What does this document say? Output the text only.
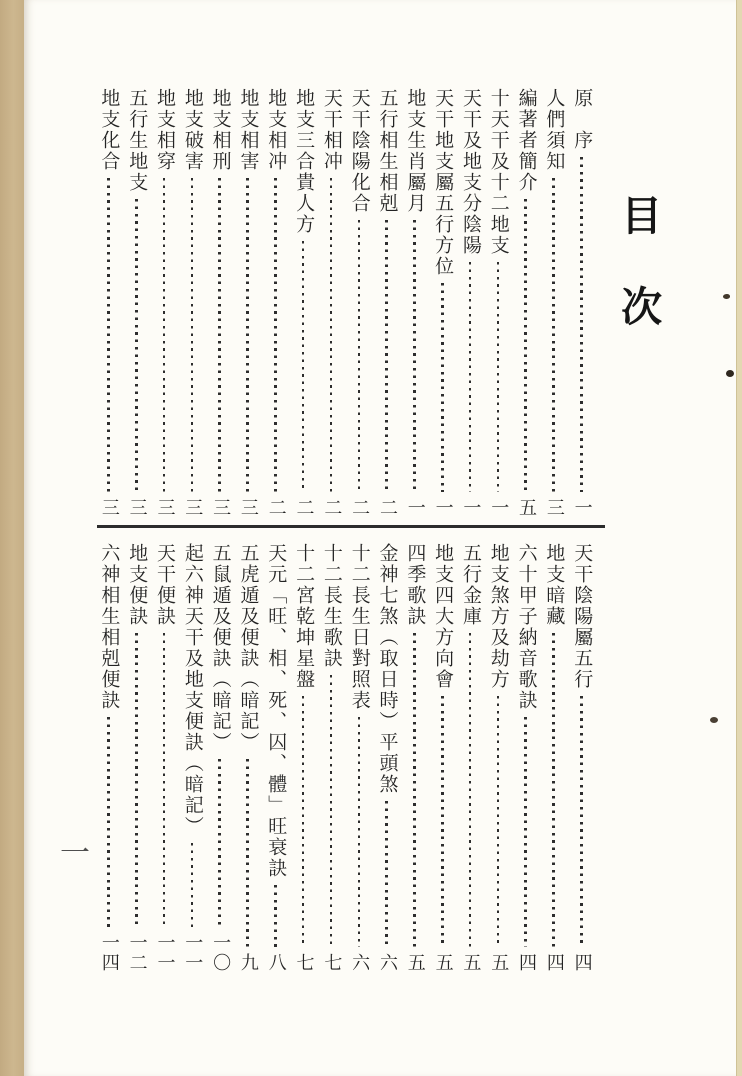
目次
原　序
一
人們須知
三
編著者簡介
五
十天干及十二地支
一
天干及地支分陰陽
一
天干地支屬五行方位
一
地支生肖屬月
一
五行相生相剋
二
天干陰陽化合
二
天干相冲
二
地支三合貴人方
二
地支相冲
二
地支相害
三
地支相刑
三
地支破害
三
地支相穿
三
五行生地支
三
地支化合
三
天干陰陽屬五行
四
地支暗藏
四
六十甲子納音歌訣
四
地支煞方及劫方
五
五行金庫
五
地支四大方向會
五
四季歌訣
五
金神七煞（取日時）平頭煞
六
十二長生日對照表
六
十二長生歌訣
七
十二宮乾坤星盤
七
天元「旺、相、死、囚、體」旺衰訣
八
五虎遁及便訣（暗記）
九
五鼠遁及便訣（暗記）
一〇
起六神天干及地支便訣（暗記）
一一
天干便訣
一一
地支便訣
一二
六神相生相剋便訣
一四
一
